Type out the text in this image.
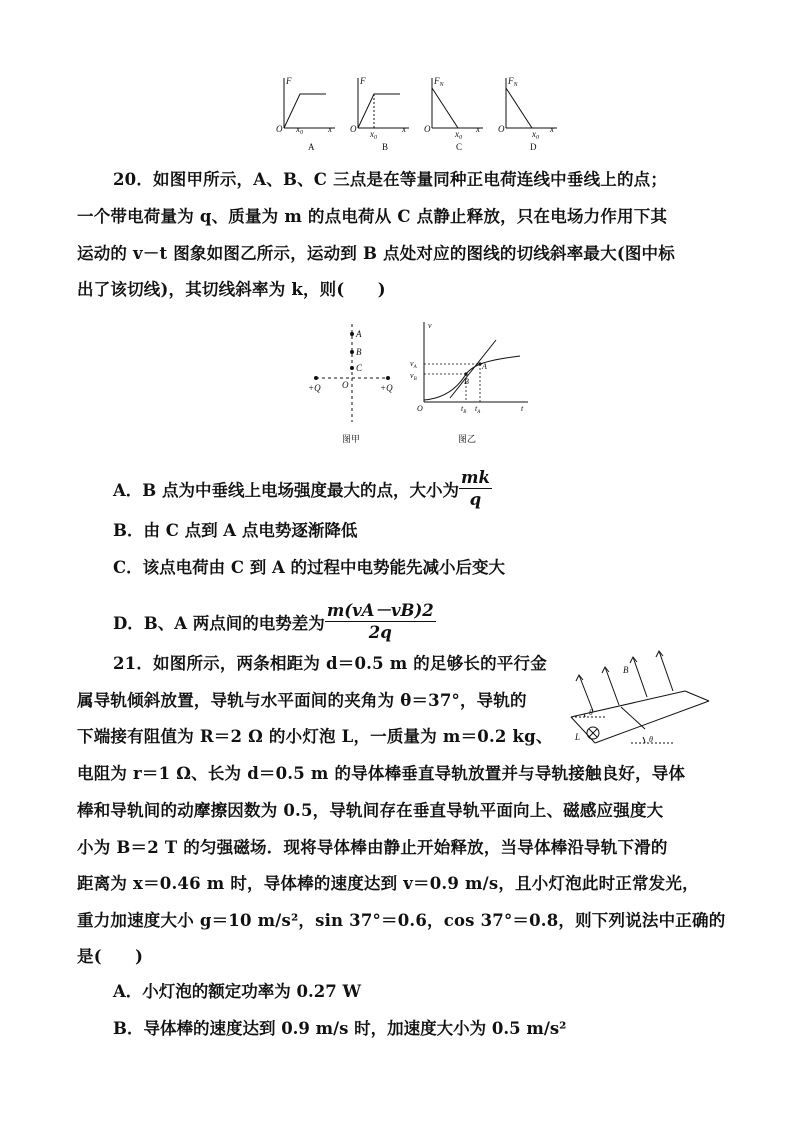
F	F	$F_N$	$F_N$
O	O	O	O
x	x	x	x
$x_0$	$x_0$	$x_0$	$x_0$
A	B	C	D
20．如图甲所示，A、B、C 三点是在等量同种正电荷连线中垂线上的点；
一个带电荷量为 q、质量为 m 的点电荷从 C 点静止释放，只在电场力作用下其
运动的 v－t 图象如图乙所示，运动到 B 点处对应的图线的切线斜率最大(图中标
出了该切线)，其切线斜率为 k，则(　　)
A
B
C
O
+Q	+Q
图甲
v
t
O
$v_A$
$v_B$
$t_B$ $t_A$
A
B
图乙
A．B 点为中垂线上电场强度最大的点，大小为 $\frac{mk}{q}$
B．由 C 点到 A 点电势逐渐降低
C．该点电荷由 C 到 A 的过程中电势能先减小后变大
D．B、A 两点间的电势差为 $\frac{m(vA-vB)2}{2q}$
21．如图所示，两条相距为 d＝0.5 m 的足够长的平行金
属导轨倾斜放置，导轨与水平面间的夹角为 θ＝37°，导轨的
下端接有阻值为 R＝2 Ω 的小灯泡 L，一质量为 m＝0.2 kg、
电阻为 r＝1 Ω、长为 d＝0.5 m 的导体棒垂直导轨放置并与导轨接触良好，导体
棒和导轨间的动摩擦因数为 0.5，导轨间存在垂直导轨平面向上、磁感应强度大
小为 B＝2 T 的匀强磁场．现将导体棒由静止开始释放，当导体棒沿导轨下滑的
距离为 x＝0.46 m 时，导体棒的速度达到 v＝0.9 m/s，且小灯泡此时正常发光，
重力加速度大小 g＝10 m/s²，sin 37°＝0.6，cos 37°＝0.8，则下列说法中正确的
是(　　)
B
L
θ
θ
A．小灯泡的额定功率为 0.27 W
B．导体棒的速度达到 0.9 m/s 时，加速度大小为 0.5 m/s²
